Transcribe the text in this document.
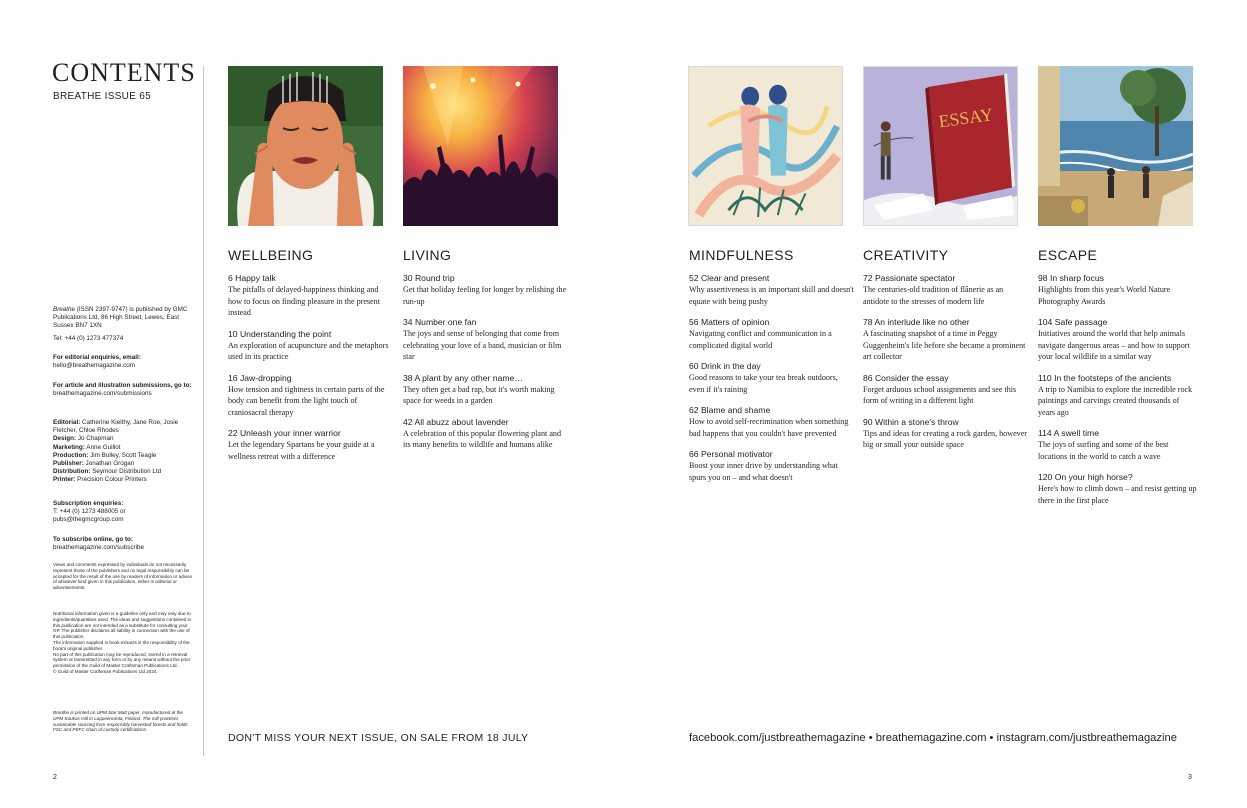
CONTENTS
BREATHE ISSUE 65
Breathe (ISSN 2397-9747) is published by GMC Publications Ltd, 86 High Street, Lewes, East Sussex BN7 1XN
Tel: +44 (0) 1273 477374
For editorial enquiries, email:
hello@breathemagazine.com
For article and illustration submissions, go to:
breathemagazine.com/submissions
Editorial: Catherine Kielthy, Jane Roe, Josie Fletcher, Chloe Rhodes
Design: Jo Chapman
Marketing: Anne Guillot
Production: Jim Bulley, Scott Teagle
Publisher: Jonathan Grogan
Distribution: Seymour Distribution Ltd
Printer: Precision Colour Printers
Subscription enquiries:
T: +44 (0) 1273 488005 or
pubs@thegmcgroup.com
To subscribe online, go to:
breathemagazine.com/subscribe
Views and comments expressed by individuals do not necessarily represent those of the publishers and no legal responsibility can be accepted for the result of the use by readers of information or advice of whatever kind given in this publication, either in editorial or advertisements.
Nutritional information given is a guideline only and may vary due to ingredients/quantities used. The ideas and suggestions contained in this publication are not intended as a substitute for consulting your GP. The publisher disclaims all liability in connection with the use of this publication.
The information supplied in book extracts is the responsibility of the book's original publisher.
No part of this publication may be reproduced, stored in a retrieval system or transmitted in any form or by any means without the prior permission of the Guild of Master Craftsman Publications Ltd.
© Guild of Master Craftsman Publications Ltd 2024.
Breathe is printed on UPM Star Matt paper, manufactured at the UPM Kaukas mill in Lappeenranta, Finland. The mill practises sustainable sourcing from responsibly harvested forests and holds FSC and PEFC chain of custody certifications.
ESSAY
WELLBEING
6 Happy talk
The pitfalls of delayed-happiness thinking and how to focus on finding pleasure in the present instead
10 Understanding the point
An exploration of acupuncture and the metaphors used in its practice
16 Jaw-dropping
How tension and tightness in certain parts of the body can benefit from the light touch of craniosacral therapy
22 Unleash your inner warrior
Let the legendary Spartans be your guide at a wellness retreat with a difference
LIVING
30 Round trip
Get that holiday feeling for longer by relishing the run-up
34 Number one fan
The joys and sense of belonging that come from celebrating your love of a band, musician or film star
38 A plant by any other name…
They often get a bad rap, but it's worth making space for weeds in a garden
42 All abuzz about lavender
A celebration of this popular flowering plant and its many benefits to wildlife and humans alike
MINDFULNESS
52 Clear and present
Why assertiveness is an important skill and doesn't equate with being pushy
56 Matters of opinion
Navigating conflict and communication in a complicated digital world
60 Drink in the day
Good reasons to take your tea break outdoors, even if it's raining
62 Blame and shame
How to avoid self-recrimination when something bad happens that you couldn't have prevented
66 Personal motivator
Boost your inner drive by understanding what spurs you on – and what doesn't
CREATIVITY
72 Passionate spectator
The centuries-old tradition of flânerie as an antidote to the stresses of modern life
78 An interlude like no other
A fascinating snapshot of a time in Peggy Guggenheim's life before she became a prominent art collector
86 Consider the essay
Forget arduous school assignments and see this form of writing in a different light
90 Within a stone's throw
Tips and ideas for creating a rock garden, however big or small your outside space
ESCAPE
98 In sharp focus
Highlights from this year's World Nature Photography Awards
104 Safe passage
Initiatives around the world that help animals navigate dangerous areas – and how to support your local wildlife in a similar way
110 In the footsteps of the ancients
A trip to Namibia to explore the incredible rock paintings and carvings created thousands of years ago
114 A swell time
The joys of surfing and some of the best locations in the world to catch a wave
120 On your high horse?
Here's how to climb down – and resist getting up there in the first place
DON'T MISS YOUR NEXT ISSUE, ON SALE FROM 18 JULY	facebook.com/justbreathemagazine • breathemagazine.com • instagram.com/justbreathemagazine
2	3
